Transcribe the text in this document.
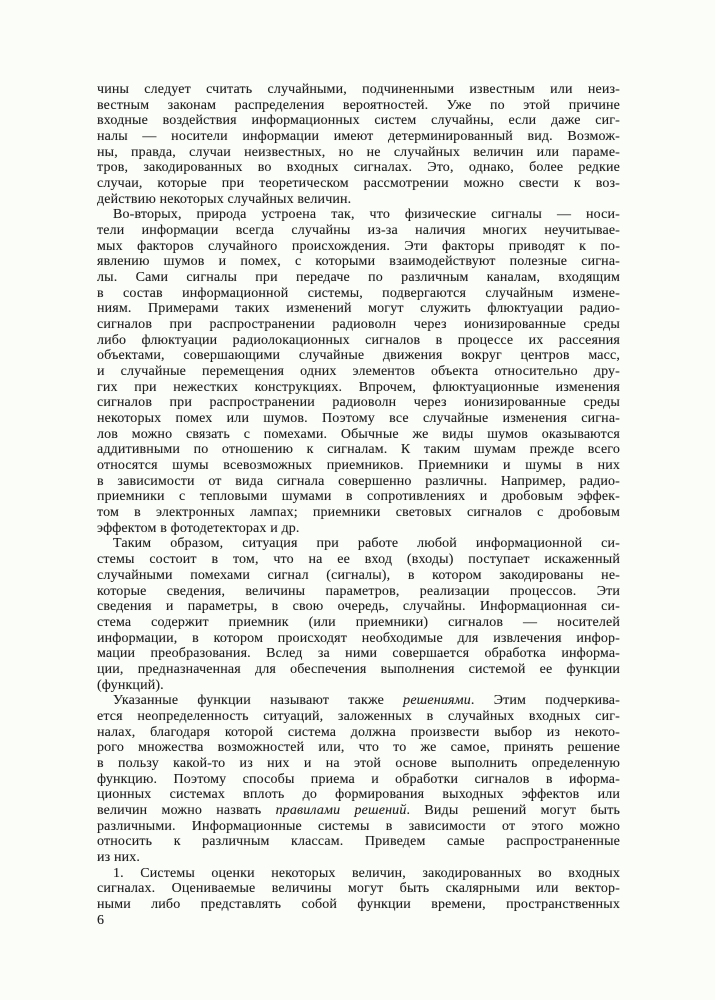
чины следует считать случайными, подчиненными известным или неиз-
вестным законам распределения вероятностей. Уже по этой причине
входные воздействия информационных систем случайны, если даже сиг-
налы — носители информации имеют детерминированный вид. Возмож-
ны, правда, случаи неизвестных, но не случайных величин или параме-
тров, закодированных во входных сигналах. Это, однако, более редкие
случаи, которые при теоретическом рассмотрении можно свести к воз-
действию некоторых случайных величин.
Во-вторых, природа устроена так, что физические сигналы — носи-
тели информации всегда случайны из-за наличия многих неучитывае-
мых факторов случайного происхождения. Эти факторы приводят к по-
явлению шумов и помех, с которыми взаимодействуют полезные сигна-
лы. Сами сигналы при передаче по различным каналам, входящим
в состав информационной системы, подвергаются случайным измене-
ниям. Примерами таких изменений могут служить флюктуации радио-
сигналов при распространении радиоволн через ионизированные среды
либо флюктуации радиолокационных сигналов в процессе их рассеяния
объектами, совершающими случайные движения вокруг центров масс,
и случайные перемещения одних элементов объекта относительно дру-
гих при нежестких конструкциях. Впрочем, флюктуационные изменения
сигналов при распространении радиоволн через ионизированные среды
некоторых помех или шумов. Поэтому все случайные изменения сигна-
лов можно связать с помехами. Обычные же виды шумов оказываются
аддитивными по отношению к сигналам. К таким шумам прежде всего
относятся шумы всевозможных приемников. Приемники и шумы в них
в зависимости от вида сигнала совершенно различны. Например, радио-
приемники с тепловыми шумами в сопротивлениях и дробовым эффек-
том в электронных лампах; приемники световых сигналов с дробовым
эффектом в фотодетекторах и др.
Таким образом, ситуация при работе любой информационной си-
стемы состоит в том, что на ее вход (входы) поступает искаженный
случайными помехами сигнал (сигналы), в котором закодированы не-
которые сведения, величины параметров, реализации процессов. Эти
сведения и параметры, в свою очередь, случайны. Информационная си-
стема содержит приемник (или приемники) сигналов — носителей
информации, в котором происходят необходимые для извлечения инфор-
мации преобразования. Вслед за ними совершается обработка информа-
ции, предназначенная для обеспечения выполнения системой ее функции
(функций).
Указанные функции называют также решениями. Этим подчеркива-
ется неопределенность ситуаций, заложенных в случайных входных сиг-
налах, благодаря которой система должна произвести выбор из некото-
рого множества возможностей или, что то же самое, принять решение
в пользу какой-то из них и на этой основе выполнить определенную
функцию. Поэтому способы приема и обработки сигналов в иформа-
ционных системах вплоть до формирования выходных эффектов или
величин можно назвать правилами решений. Виды решений могут быть
различными. Информационные системы в зависимости от этого можно
относить к различным классам. Приведем самые распространенные
из них.
1. Системы оценки некоторых величин, закодированных во входных
сигналах. Оцениваемые величины могут быть скалярными или вектор-
ными либо представлять собой функции времени, пространственных
6
